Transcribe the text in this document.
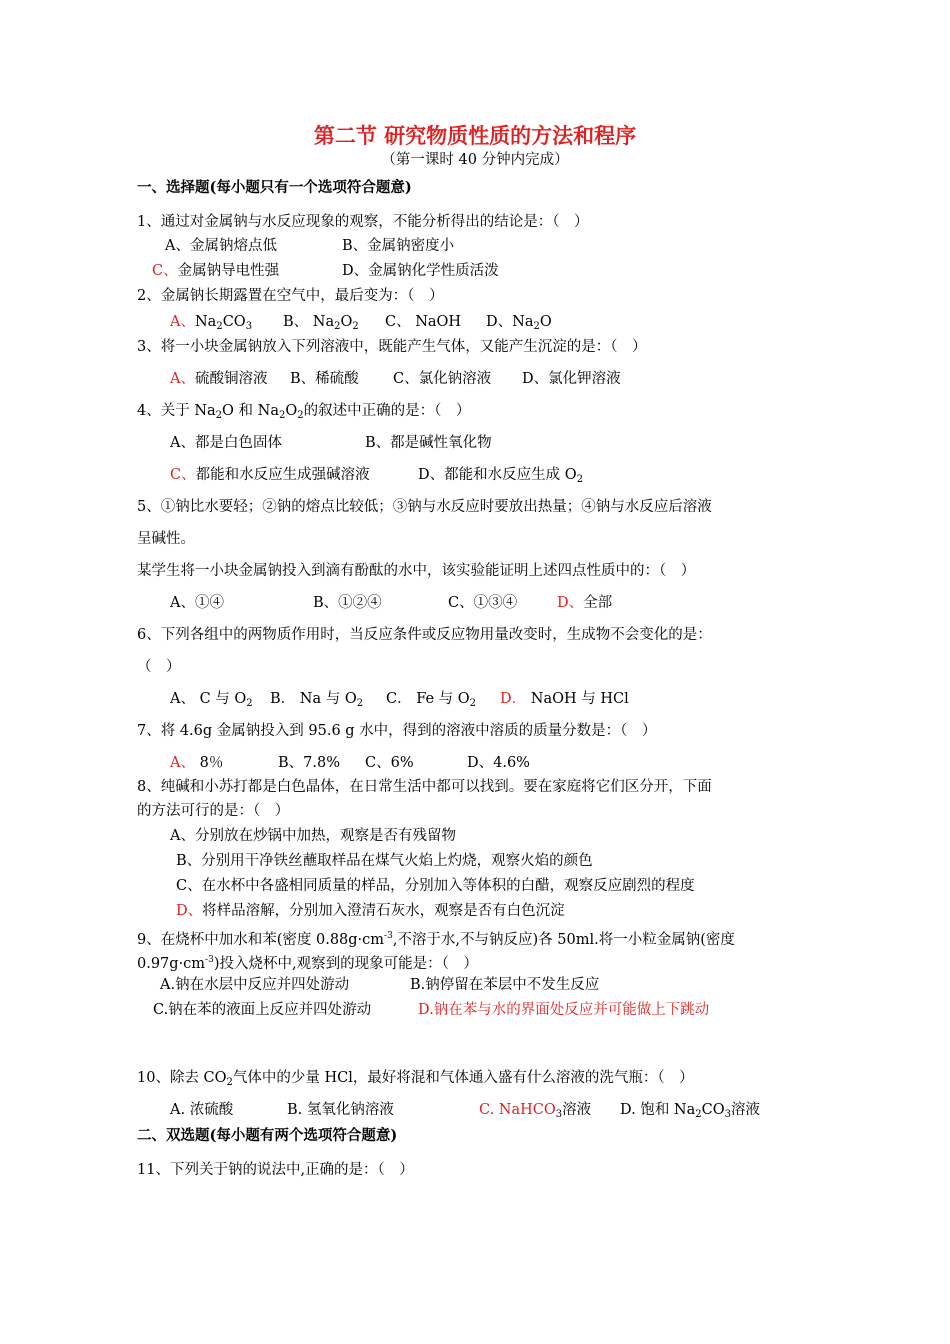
第二节 研究物质性质的方法和程序
（第一课时 40 分钟内完成）
一、选择题(每小题只有一个选项符合题意)
1、通过对金属钠与水反应现象的观察，不能分析得出的结论是：（　）
A、金属钠熔点低	B、金属钠密度小
C、金属钠导电性强	D、金属钠化学性质活泼
2、金属钠长期露置在空气中，最后变为：（　）
A、$Na_2CO_3$ B、 $Na_2O_2$ C、 NaOH D、$Na_2O$
3、将一小块金属钠放入下列溶液中，既能产生气体，又能产生沉淀的是：（　）
A、硫酸铜溶液 B、稀硫酸 C、氯化钠溶液 D、氯化钾溶液
4、关于 $Na_2O$ 和 $Na_2O_2$的叙述中正确的是：（　）
A、都是白色固体	B、都是碱性氧化物
C、都能和水反应生成强碱溶液	D、都能和水反应生成 $O_2$
5、①钠比水要轻；②钠的熔点比较低；③钠与水反应时要放出热量；④钠与水反应后溶液
呈碱性。
某学生将一小块金属钠投入到滴有酚酞的水中，该实验能证明上述四点性质中的：（　）
A、①④	B、①②④	C、①③④	D、全部
6、下列各组中的两物质作用时，当反应条件或反应物用量改变时，生成物不会变化的是：
（　）
A、 C 与 $O_2$ B． Na 与 $O_2$ C． Fe 与 $O_2$ D． NaOH 与 HCl
7、将 4.6g 金属钠投入到 95.6 g 水中，得到的溶液中溶质的质量分数是：（　）
A、 8％	B、7.8% C、6%	D、4.6%
8、纯碱和小苏打都是白色晶体，在日常生活中都可以找到。要在家庭将它们区分开，下面
的方法可行的是：（　）
A、分别放在炒锅中加热，观察是否有残留物
B、分别用干净铁丝蘸取样品在煤气火焰上灼烧，观察火焰的颜色
C、在水杯中各盛相同质量的样品，分别加入等体积的白醋，观察反应剧烈的程度
D、将样品溶解，分别加入澄清石灰水，观察是否有白色沉淀
9、在烧杯中加水和苯(密度 $0.88g\cdot cm^{-3}$,不溶于水,不与钠反应)各 50ml.将一小粒金属钠(密度
$0.97g\cdot cm^{-3}$)投入烧杯中,观察到的现象可能是：（　）
A.钠在水层中反应并四处游动	B.钠停留在苯层中不发生反应
C.钠在苯的液面上反应并四处游动	D.钠在苯与水的界面处反应并可能做上下跳动
10、除去 $CO_2$气体中的少量 HCl，最好将混和气体通入盛有什么溶液的洗气瓶：（　）
A. 浓硫酸	B. 氢氧化钠溶液	C. NaHCO$_3$溶液 D. 饱和 $Na_2CO_3$溶液
二、双选题(每小题有两个选项符合题意)
11、下列关于钠的说法中,正确的是：（　）
